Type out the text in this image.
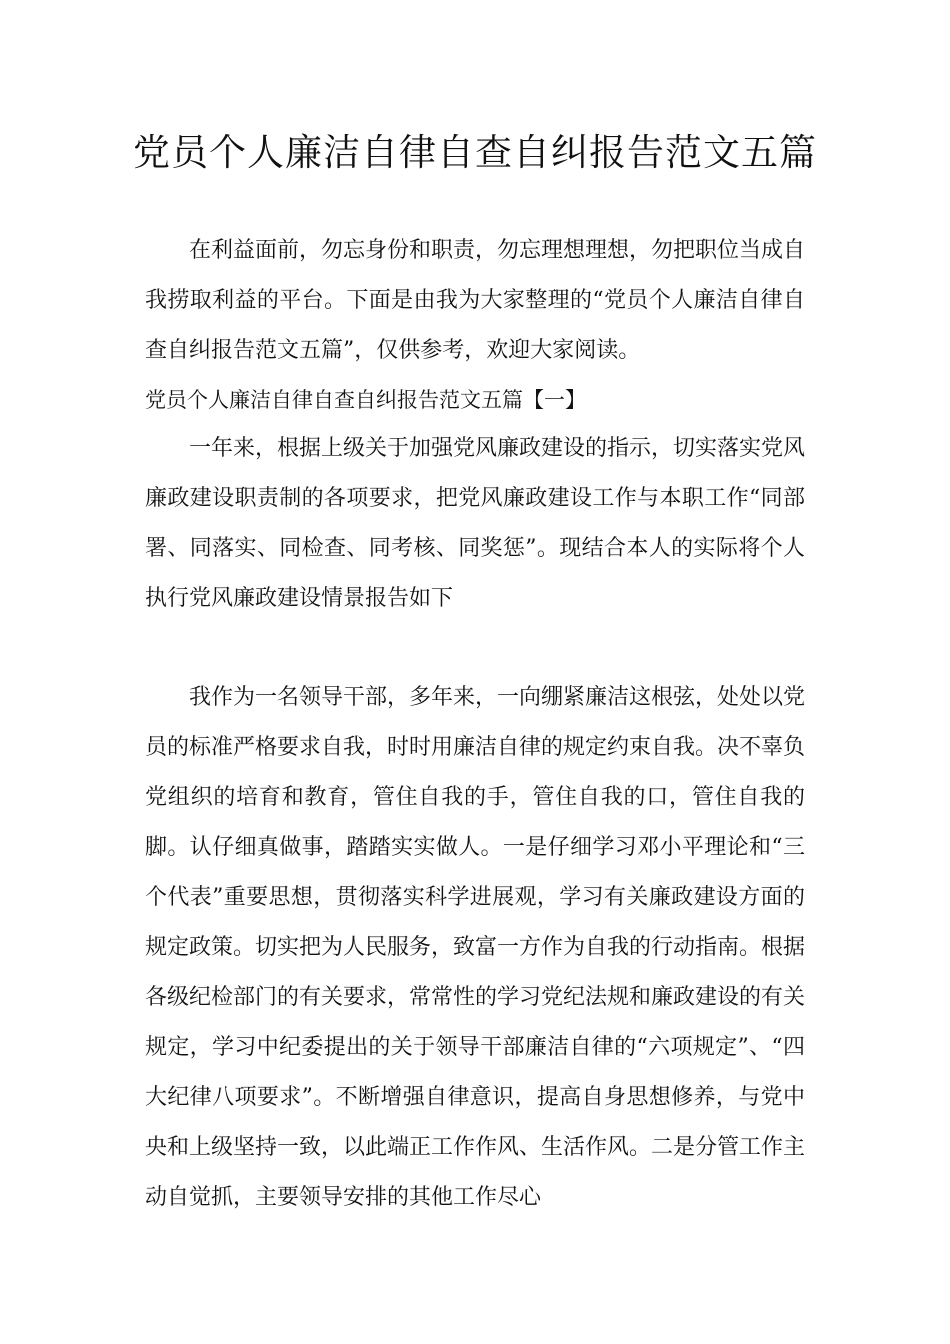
党员个人廉洁自律自查自纠报告范文五篇

在利益面前，勿忘身份和职责，勿忘理想理想，勿把职位当成自我捞取利益的平台。下面是由我为大家整理的“党员个人廉洁自律自查自纠报告范文五篇”，仅供参考，欢迎大家阅读。

党员个人廉洁自律自查自纠报告范文五篇【一】

一年来，根据上级关于加强党风廉政建设的指示，切实落实党风廉政建设职责制的各项要求，把党风廉政建设工作与本职工作“同部署、同落实、同检查、同考核、同奖惩”。现结合本人的实际将个人执行党风廉政建设情景报告如下

我作为一名领导干部，多年来，一向绷紧廉洁这根弦，处处以党员的标准严格要求自我，时时用廉洁自律的规定约束自我。决不辜负党组织的培育和教育，管住自我的手，管住自我的口，管住自我的脚。认仔细真做事，踏踏实实做人。一是仔细学习邓小平理论和“三个代表”重要思想，贯彻落实科学进展观，学习有关廉政建设方面的规定政策。切实把为人民服务，致富一方作为自我的行动指南。根据各级纪检部门的有关要求，常常性的学习党纪法规和廉政建设的有关规定，学习中纪委提出的关于领导干部廉洁自律的“六项规定”、“四大纪律八项要求”。不断增强自律意识，提高自身思想修养，与党中央和上级坚持一致，以此端正工作作风、生活作风。二是分管工作主动自觉抓，主要领导安排的其他工作尽心
